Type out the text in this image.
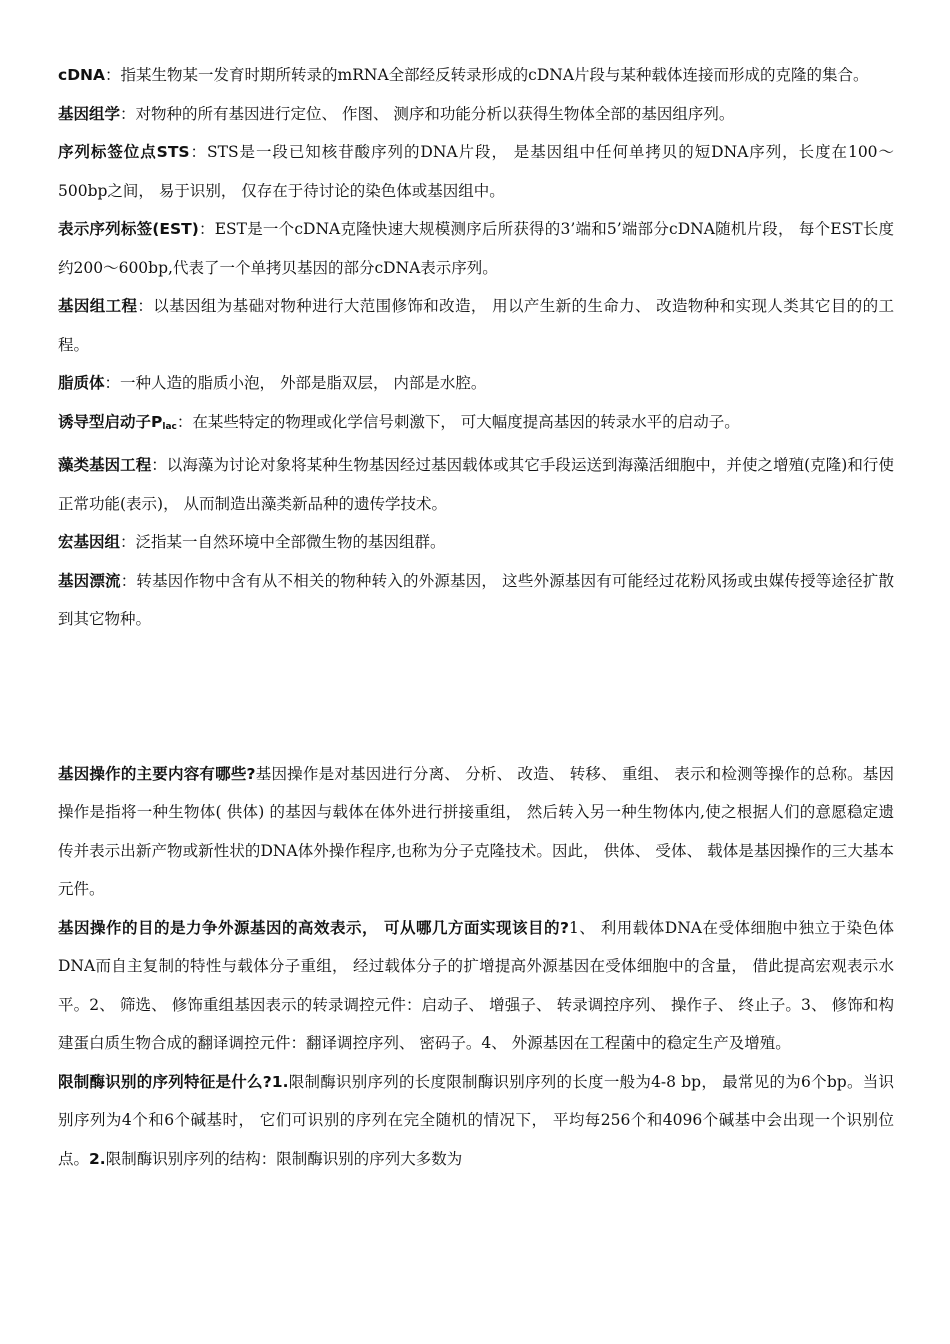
cDNA：指某生物某一发育时期所转录的mRNA全部经反转录形成的cDNA片段与某种载体连接而形成的克隆的集合。

基因组学：对物种的所有基因进行定位、 作图、 测序和功能分析以获得生物体全部的基因组序列。

序列标签位点STS：STS是一段已知核苷酸序列的DNA片段， 是基因组中任何单拷贝的短DNA序列，长度在100～500bp之间， 易于识别， 仅存在于待讨论的染色体或基因组中。

表示序列标签(EST)：EST是一个cDNA克隆快速大规模测序后所获得的3’端和5’端部分cDNA随机片段， 每个EST长度约200～600bp,代表了一个单拷贝基因的部分cDNA表示序列。

基因组工程：以基因组为基础对物种进行大范围修饰和改造， 用以产生新的生命力、 改造物种和实现人类其它目的的工程。

脂质体：一种人造的脂质小泡， 外部是脂双层， 内部是水腔。

诱导型启动子$P_{lac}$：在某些特定的物理或化学信号刺激下， 可大幅度提高基因的转录水平的启动子。

藻类基因工程：以海藻为讨论对象将某种生物基因经过基因载体或其它手段运送到海藻活细胞中，并使之增殖(克隆)和行使正常功能(表示)， 从而制造出藻类新品种的遗传学技术。

宏基因组：泛指某一自然环境中全部微生物的基因组群。

基因漂流：转基因作物中含有从不相关的物种转入的外源基因， 这些外源基因有可能经过花粉风扬或虫媒传授等途径扩散到其它物种。

基因操作的主要内容有哪些?基因操作是对基因进行分离、 分析、 改造、 转移、 重组、 表示和检测等操作的总称。基因操作是指将一种生物体( 供体) 的基因与载体在体外进行拼接重组， 然后转入另一种生物体内,使之根据人们的意愿稳定遗传并表示出新产物或新性状的DNA体外操作程序,也称为分子克隆技术。因此， 供体、 受体、 载体是基因操作的三大基本元件。

基因操作的目的是力争外源基因的高效表示， 可从哪几方面实现该目的?1、 利用载体DNA在受体细胞中独立于染色体DNA而自主复制的特性与载体分子重组， 经过载体分子的扩增提高外源基因在受体细胞中的含量， 借此提高宏观表示水平。2、 筛选、 修饰重组基因表示的转录调控元件：启动子、 增强子、 转录调控序列、 操作子、 终止子。3、 修饰和构建蛋白质生物合成的翻译调控元件：翻译调控序列、 密码子。4、 外源基因在工程菌中的稳定生产及增殖。

限制酶识别的序列特征是什么?1.限制酶识别序列的长度限制酶识别序列的长度一般为4-8 bp， 最常见的为6个bp。当识别序列为4个和6个碱基时， 它们可识别的序列在完全随机的情况下， 平均每256个和4096个碱基中会出现一个识别位点。2.限制酶识别序列的结构：限制酶识别的序列大多数为
